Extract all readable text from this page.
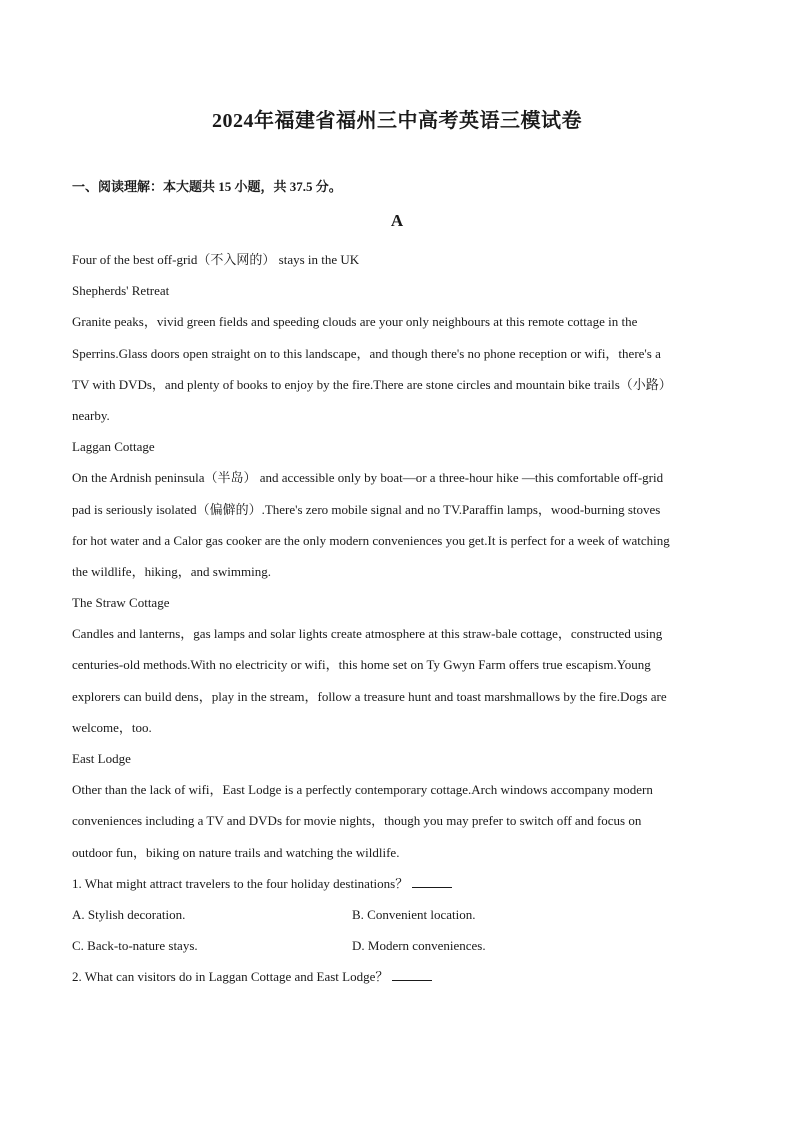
2024年福建省福州三中高考英语三模试卷
一、阅读理解：本大题共 15 小题，共 37.5 分。
A
Four of the best off-grid（不入网的） stays in the UK
Shepherds' Retreat
Granite peaks，vivid green fields and speeding clouds are your only neighbours at this remote cottage in the
Sperrins.Glass doors open straight on to this landscape，and though there's no phone reception or wifi，there's a
TV with DVDs，and plenty of books to enjoy by the fire.There are stone circles and mountain bike trails（小路）
nearby.
Laggan Cottage
On the Ardnish peninsula（半岛） and accessible only by boat—or a three-hour hike —this comfortable off-grid
pad is seriously isolated（偏僻的）.There's zero mobile signal and no TV.Paraffin lamps，wood-burning stoves
for hot water and a Calor gas cooker are the only modern conveniences you get.It is perfect for a week of watching
the wildlife，hiking，and swimming.
The Straw Cottage
Candles and lanterns，gas lamps and solar lights create atmosphere at this straw-bale cottage，constructed using
centuries-old methods.With no electricity or wifi，this home set on Ty Gwyn Farm offers true escapism.Young
explorers can build dens，play in the stream，follow a treasure hunt and toast marshmallows by the fire.Dogs are
welcome，too.
East Lodge
Other than the lack of wifi，East Lodge is a perfectly contemporary cottage.Arch windows accompany modern
conveniences including a TV and DVDs for movie nights，though you may prefer to switch off and focus on
outdoor fun，biking on nature trails and watching the wildlife.
1. What might attract travelers to the four holiday destinations？
A. Stylish decoration.	B. Convenient location.
C. Back-to-nature stays.	D. Modern conveniences.
2. What can visitors do in Laggan Cottage and East Lodge？
